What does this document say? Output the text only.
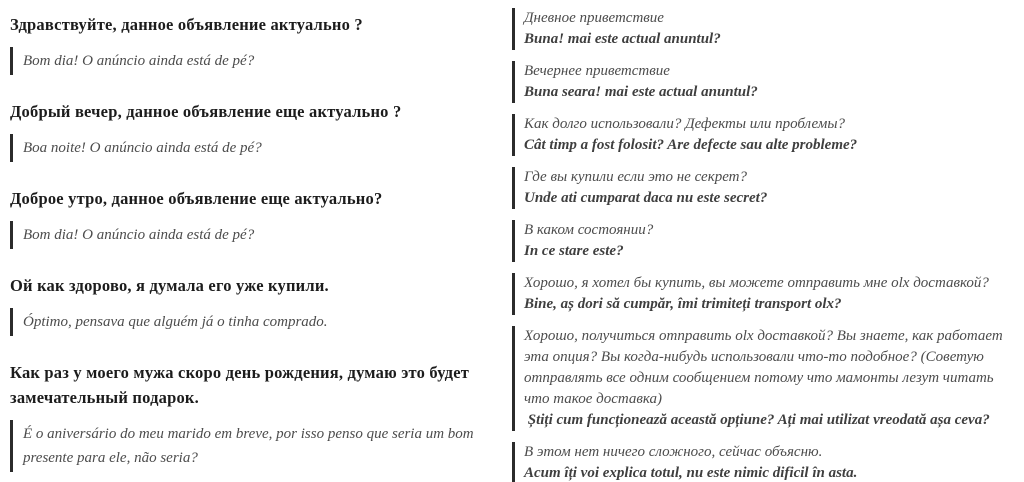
Здравствуйте, данное объявление актуально ?
Bom dia! O anúncio ainda está de pé?
Добрый вечер, данное объявление еще актуально ?
Boa noite! O anúncio ainda está de pé?
Доброе утро, данное объявление еще актуально?
Bom dia! O anúncio ainda está de pé?
Ой как здорово, я думала его уже купили.
Óptimo, pensava que alguém já o tinha comprado.
Как раз у моего мужа скоро день рождения, думаю это будет замечательный подарок.
É o aniversário do meu marido em breve, por isso penso que seria um bom presente para ele, não seria?

Дневное приветствие

Buna! mai este actual anuntul?

Вечернее приветствие

Buna seara! mai este actual anuntul?

Как долго использовали? Дефекты или проблемы?

Cât timp a fost folosit? Are defecte sau alte probleme?

Где вы купили если это не секрет?

Unde ati cumparat daca nu este secret?

В каком состоянии?

In ce stare este?

Хорошо, я хотел бы купить, вы можете отправить мне olx доставкой?

Bine, aș dori să cumpăr, îmi trimiteți transport olx?

Хорошо, получиться отправить olx доставкой? Вы знаете, как работает эта опция? Вы когда-нибудь использовали что-то подобное? (Советую отправлять все одним сообщением потому что мамонты лезут читать что такое доставка)

Știți cum funcționează această opțiune? Ați mai utilizat vreodată așa ceva?

В этом нет ничего сложного, сейчас объясню.

Acum îți voi explica totul, nu este nimic dificil în asta.
